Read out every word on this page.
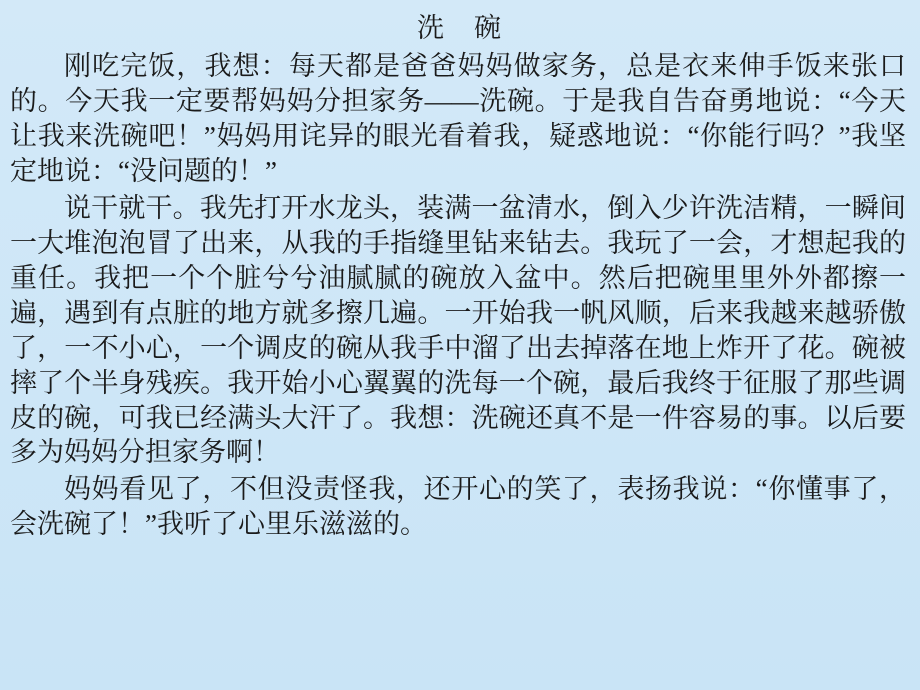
洗 碗

刚吃完饭，我想：每天都是爸爸妈妈做家务，总是衣来伸手饭来张口的。今天我一定要帮妈妈分担家务——洗碗。于是我自告奋勇地说：“今天让我来洗碗吧！”妈妈用诧异的眼光看着我，疑惑地说：“你能行吗？”我坚定地说：“没问题的！”

说干就干。我先打开水龙头，装满一盆清水，倒入少许洗洁精，一瞬间一大堆泡泡冒了出来，从我的手指缝里钻来钻去。我玩了一会，才想起我的重任。我把一个个脏兮兮油腻腻的碗放入盆中。然后把碗里里外外都擦一遍，遇到有点脏的地方就多擦几遍。一开始我一帆风顺，后来我越来越骄傲了，一不小心，一个调皮的碗从我手中溜了出去掉落在地上炸开了花。碗被摔了个半身残疾。我开始小心翼翼的洗每一个碗，最后我终于征服了那些调皮的碗，可我已经满头大汗了。我想：洗碗还真不是一件容易的事。以后要多为妈妈分担家务啊！

妈妈看见了，不但没责怪我，还开心的笑了，表扬我说：“你懂事了，会洗碗了！”我听了心里乐滋滋的。
